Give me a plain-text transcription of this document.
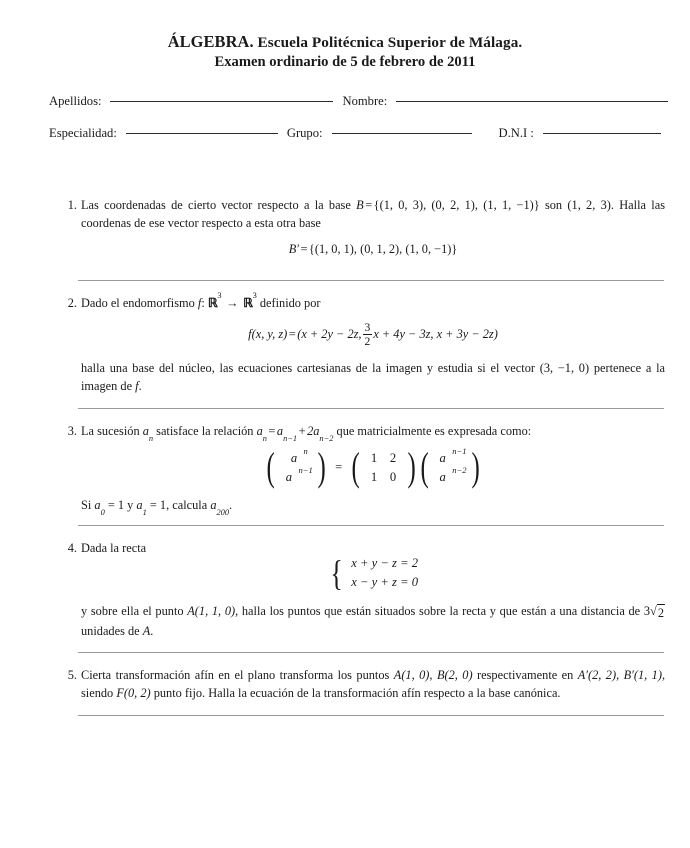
ÁLGEBRA. Escuela Politécnica Superior de Málaga.
Examen ordinario de 5 de febrero de 2011
Apellidos:	Nombre:
Especialidad:	Grupo:	D.N.I :
1. Las coordenadas de cierto vector respecto a la base B = {(1, 0, 3), (0, 2, 1), (1, 1, −1)} son (1, 2, 3). Halla las coordenas de ese vector respecto a esta otra base

B′ = {(1, 0, 1), (0, 1, 2), (1, 0, −1)}
2. Dado el endomorfismo f: ℝ$^3$ → ℝ$^3$ definido por

f(x, y, z) = (x + 2y − 2z, $\frac{3}{2}$ x + 4y − 3z, x + 3y − 2z)

halla una base del núcleo, las ecuaciones cartesianas de la imagen y estudia si el vector (3, −1, 0) pertenece a la imagen de f.

3. La sucesión $a_n$ satisface la relación $a_n= a_{n-1}+ 2a_{n-2}$ que matricialmente es expresada como:

(	a $_n$
a $_{n-1}$ ) = ( 1	2
1	0 ) ( a $_{n-1}$
a $_{n-2}$ )

Si $a_0 = 1$ y $a_1 = 1$, calcula $a_{200}$.

4. Dada la recta

{ x + y − z = 2
x − y + z = 0

y sobre ella el punto A(1, 1, 0), halla los puntos que están situados sobre la recta y que están a una distancia de 3 √ 2
unidades de A.

5. Cierta transformación afín en el plano transforma los puntos A(1, 0), B(2, 0) respectivamente en A′(2, 2), B′(1, 1), siendo F(0, 2) punto fijo. Halla la ecuación de la transformación afín respecto a la base canónica.
